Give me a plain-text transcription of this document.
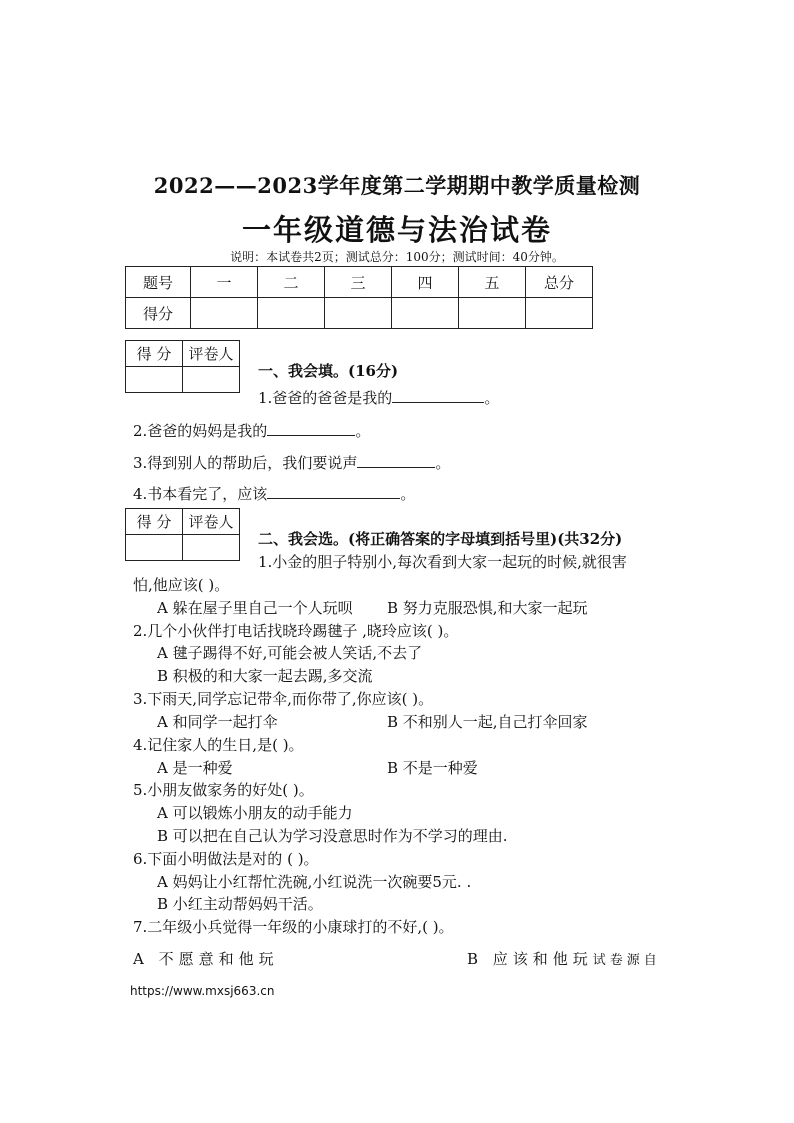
2022——2023学年度第二学期期中教学质量检测
一年级道德与法治试卷
说明：本试卷共2页；测试总分：100分；测试时间：40分钟。
题号	一	二	三	四	五	总分
得分						
得 分	评卷人

一、我会填。(16分)
1.爸爸的爸爸是我的	。
2.爸爸的妈妈是我的	。
3.得到别人的帮助后，我们要说声	。
4.书本看完了，应该	。
得 分	评卷人

二、我会选。(将正确答案的字母填到括号里)(共32分)
1.小金的胆子特别小,每次看到大家一起玩的时候,就很害
怕,他应该( )。
A 躲在屋子里自己一个人玩呗 B 努力克服恐惧,和大家一起玩
2.几个小伙伴打电话找晓玲踢毽子 ,晓玲应该( )。
A 毽子踢得不好,可能会被人笑话,不去了
B 积极的和大家一起去踢,多交流
3.下雨天,同学忘记带伞,而你带了,你应该( )。
A 和同学一起打伞	B 不和别人一起,自己打伞回家
4.记住家人的生日,是( )。
A 是一种爱	B 不是一种爱
5.小朋友做家务的好处( )。
A 可以锻炼小朋友的动手能力
B 可以把在自己认为学习没意思时作为不学习的理由.
6.下面小明做法是对的 ( )。
A 妈妈让小红帮忙洗碗,小红说洗一次碗要5元. .
B 小红主动帮妈妈干活。
7.二年级小兵觉得一年级的小康球打的不好,( )。
A 不愿意和他玩	B 应该和他玩试卷源自
https://www.mxsj663.cn
